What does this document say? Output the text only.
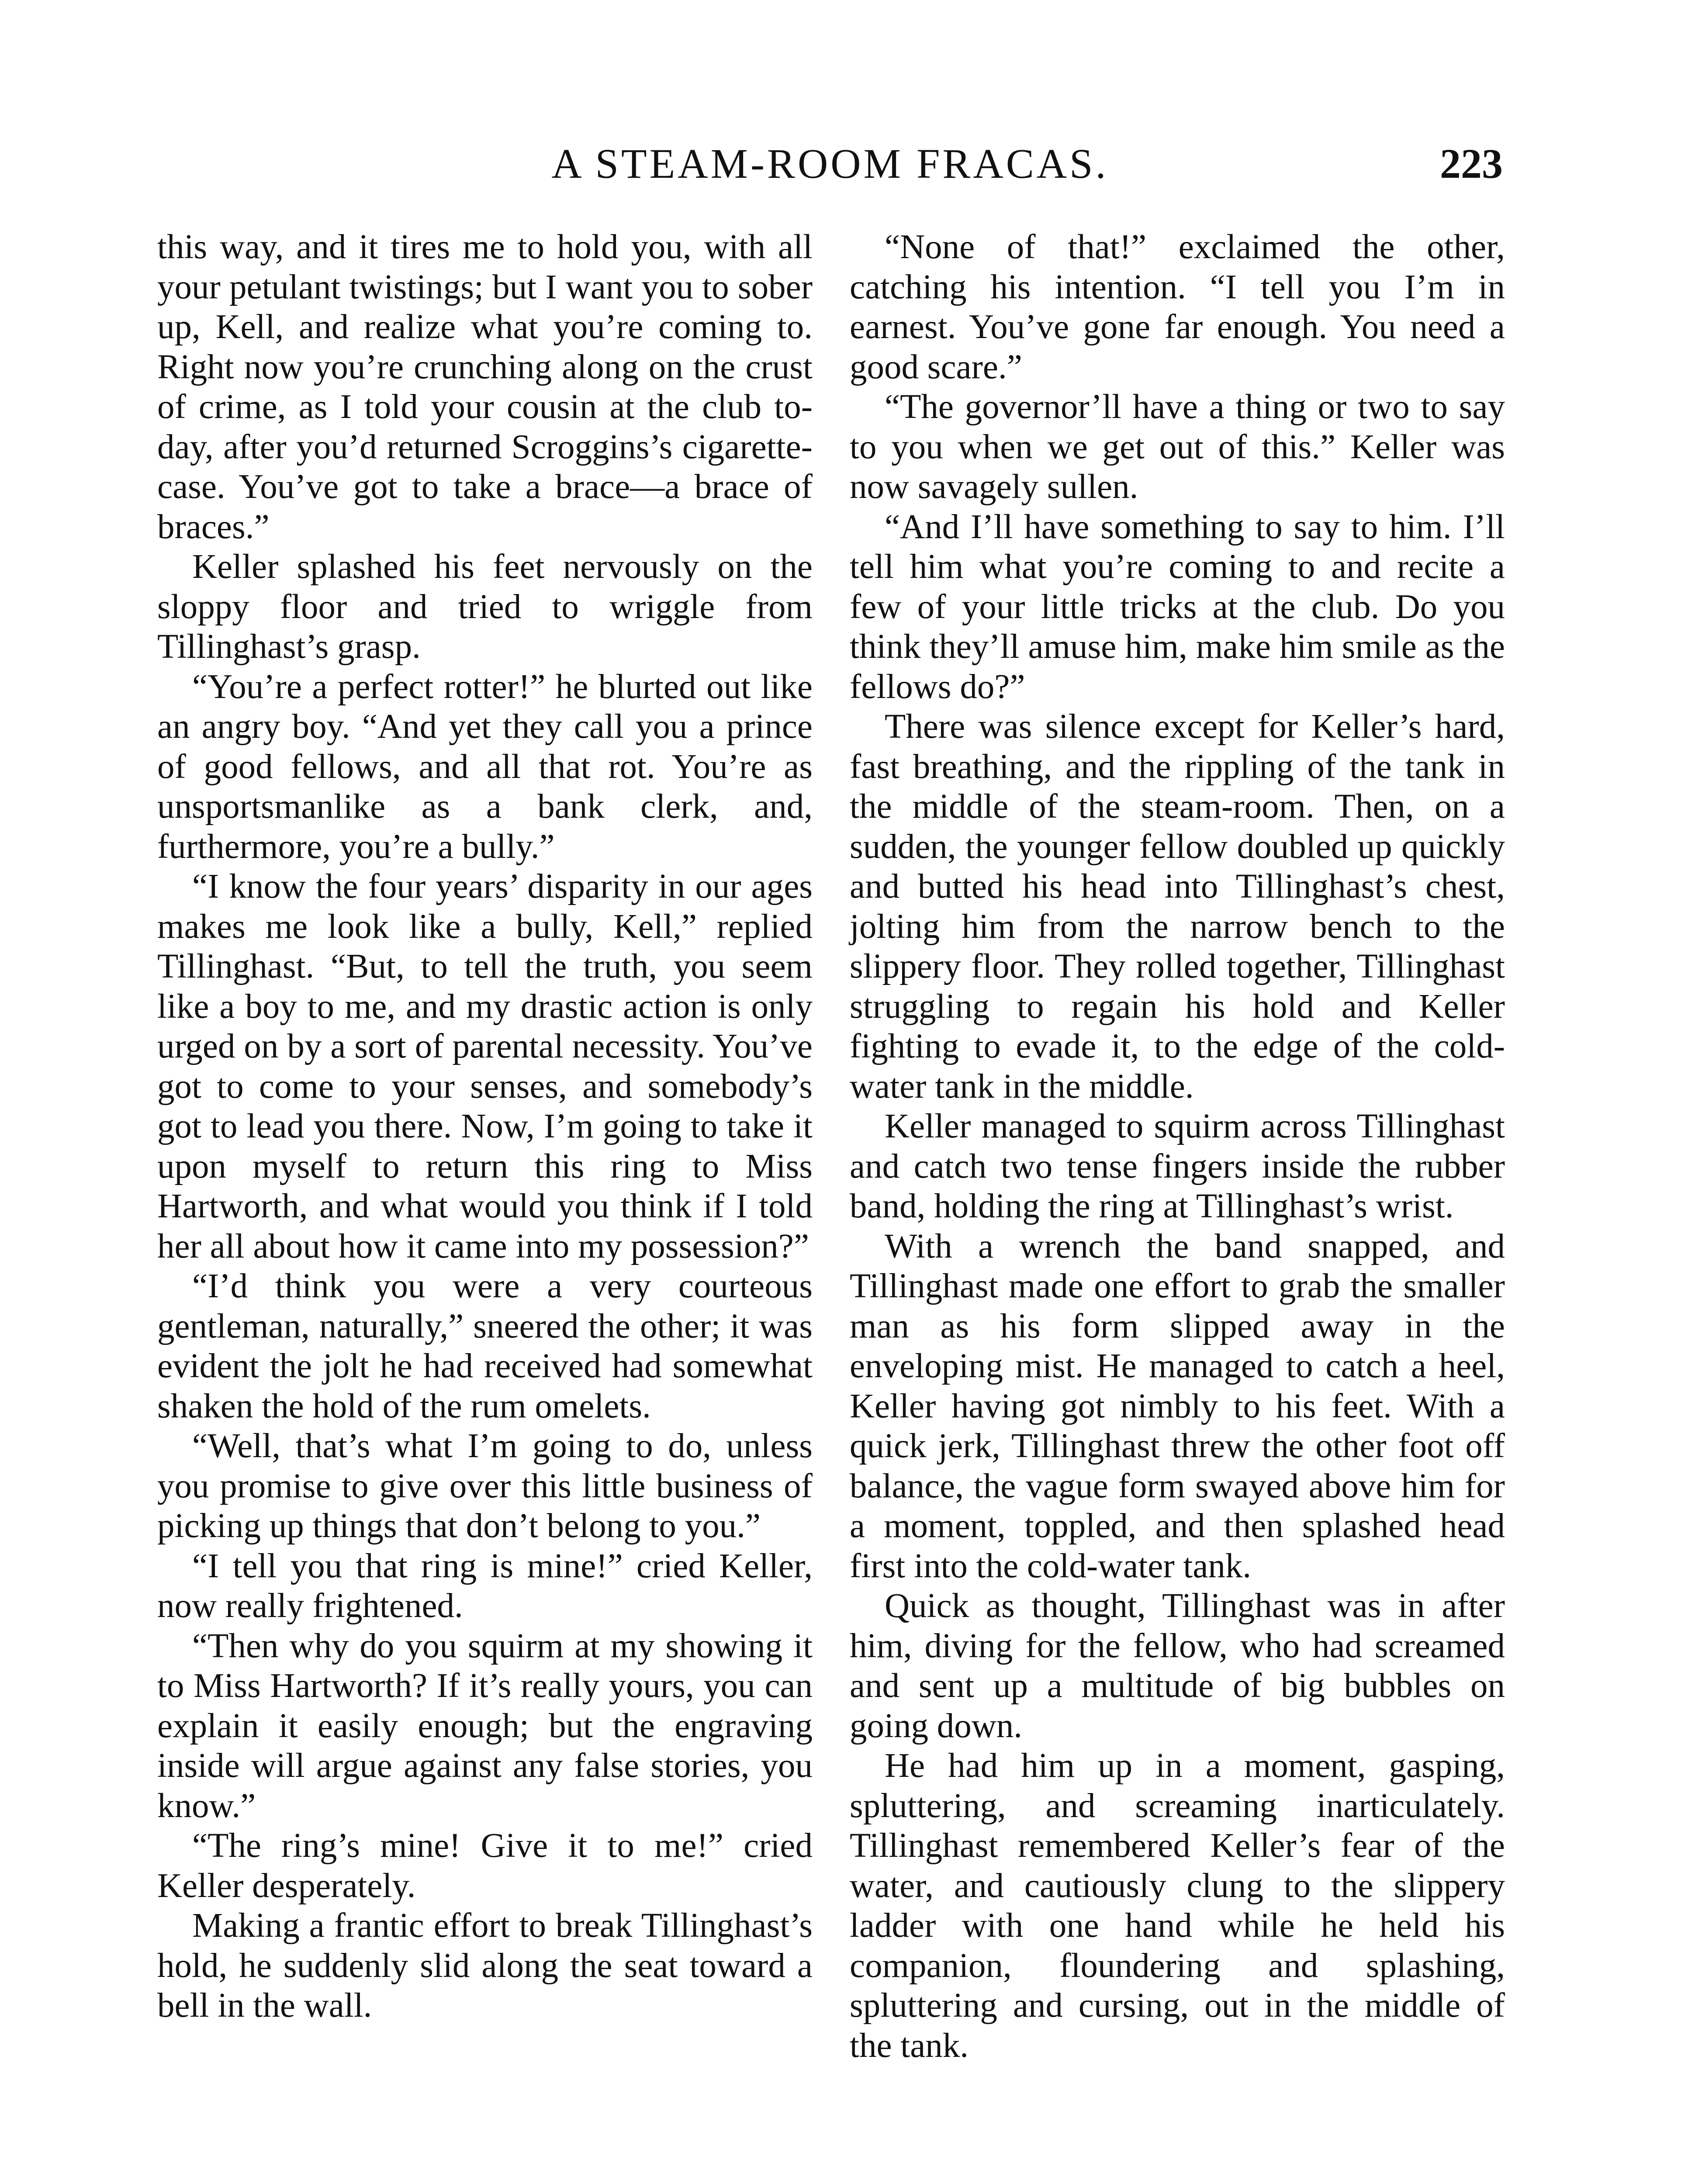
A STEAM-ROOM FRACAS.	223

this way, and it tires me to hold you, with all your petulant twistings; but I want you to sober up, Kell, and realize what you’re coming to. Right now you’re crunching along on the crust of crime, as I told your cousin at the club to-day, after you’d returned Scroggins’s cigarette-case. You’ve got to take a brace—a brace of braces.”

Keller splashed his feet nervously on the sloppy floor and tried to wriggle from Tillinghast’s grasp.

“You’re a perfect rotter!” he blurted out like an angry boy. “And yet they call you a prince of good fellows, and all that rot. You’re as unsportsmanlike as a bank clerk, and, furthermore, you’re a bully.”

“I know the four years’ disparity in our ages makes me look like a bully, Kell,” replied Tillinghast. “But, to tell the truth, you seem like a boy to me, and my drastic action is only urged on by a sort of parental necessity. You’ve got to come to your senses, and somebody’s got to lead you there. Now, I’m going to take it upon myself to return this ring to Miss Hartworth, and what would you think if I told her all about how it came into my possession?”

“I’d think you were a very courteous gentleman, naturally,” sneered the other; it was evident the jolt he had received had somewhat shaken the hold of the rum omelets.

“Well, that’s what I’m going to do, unless you promise to give over this little business of picking up things that don’t belong to you.”

“I tell you that ring is mine!” cried Keller, now really frightened.

“Then why do you squirm at my showing it to Miss Hartworth? If it’s really yours, you can explain it easily enough; but the engraving inside will argue against any false stories, you know.”

“The ring’s mine! Give it to me!” cried Keller desperately.

Making a frantic effort to break Tillinghast’s hold, he suddenly slid along the seat toward a bell in the wall.

“None of that!” exclaimed the other, catching his intention. “I tell you I’m in earnest. You’ve gone far enough. You need a good scare.”

“The governor’ll have a thing or two to say to you when we get out of this.” Keller was now savagely sullen.

“And I’ll have something to say to him. I’ll tell him what you’re coming to and recite a few of your little tricks at the club. Do you think they’ll amuse him, make him smile as the fellows do?”

There was silence except for Keller’s hard, fast breathing, and the rippling of the tank in the middle of the steam-room. Then, on a sudden, the younger fellow doubled up quickly and butted his head into Tillinghast’s chest, jolting him from the narrow bench to the slippery floor. They rolled together, Tillinghast struggling to regain his hold and Keller fighting to evade it, to the edge of the cold-water tank in the middle.

Keller managed to squirm across Tillinghast and catch two tense fingers inside the rubber band, holding the ring at Tillinghast’s wrist.

With a wrench the band snapped, and Tillinghast made one effort to grab the smaller man as his form slipped away in the enveloping mist. He managed to catch a heel, Keller having got nimbly to his feet. With a quick jerk, Tillinghast threw the other foot off balance, the vague form swayed above him for a moment, toppled, and then splashed head first into the cold-water tank.

Quick as thought, Tillinghast was in after him, diving for the fellow, who had screamed and sent up a multitude of big bubbles on going down.

He had him up in a moment, gasping, spluttering, and screaming inarticulately. Tillinghast remembered Keller’s fear of the water, and cautiously clung to the slippery ladder with one hand while he held his companion, floundering and splashing, spluttering and cursing, out in the middle of the tank.
